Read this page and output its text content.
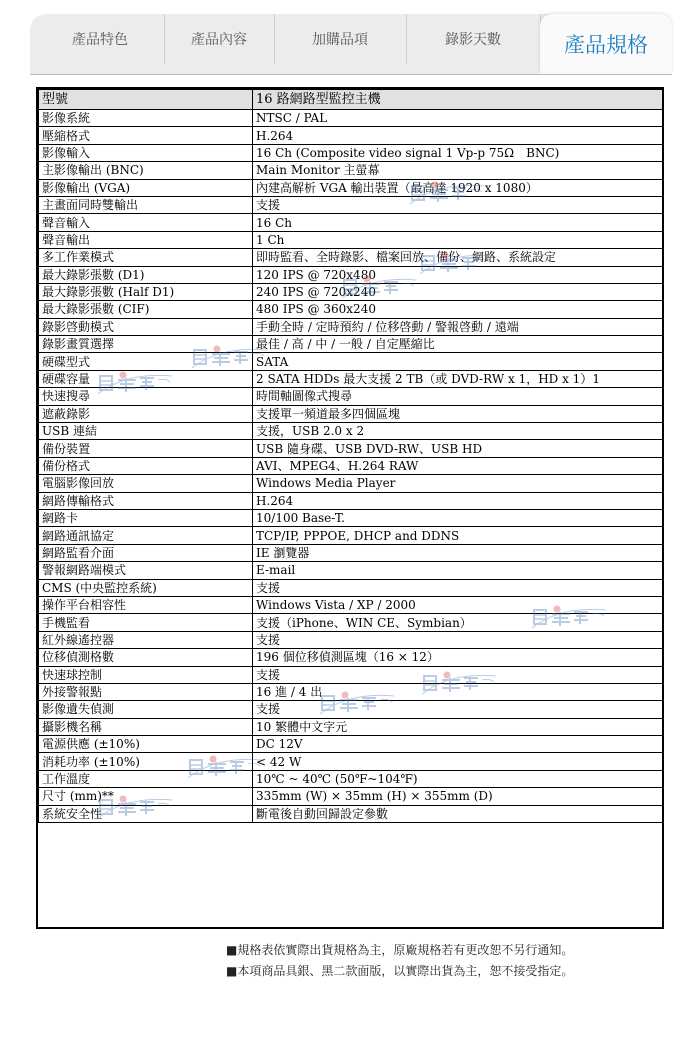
產品特色	產品內容	加購品項	錄影天數	產品規格
型號	16 路網路型監控主機
影像系統	NTSC / PAL
壓縮格式	H.264
影像輸入	16 Ch (Composite video signal 1 Vp-p 75Ω　BNC)
主影像輸出 (BNC)	Main Monitor 主螢幕
影像輸出 (VGA)	內建高解析 VGA 輸出裝置（最高達 1920 x 1080）
主畫面同時雙輸出	支援
聲音輸入	16 Ch
聲音輸出	1 Ch
多工作業模式	即時監看、全時錄影、檔案回放、備份、網路、系統設定
最大錄影張數 (D1)	120 IPS @ 720x480
最大錄影張數 (Half D1)	240 IPS @ 720x240
最大錄影張數 (CIF)	480 IPS @ 360x240
錄影啓動模式	手動全時 / 定時預約 / 位移啓動 / 警報啓動 / 遠端
錄影畫質選擇	最佳 / 高 / 中 / 一般 / 自定壓縮比
硬碟型式	SATA
硬碟容量	2 SATA HDDs 最大支援 2 TB（或 DVD-RW x 1，HD x 1）1
快速搜尋	時間軸圖像式搜尋
遮蔽錄影	支援單一頻道最多四個區塊
USB 連結	支援，USB 2.0 x 2
備份裝置	USB 隨身碟、USB DVD-RW、USB HD
備份格式	AVI、MPEG4、H.264 RAW
電腦影像回放	Windows Media Player
網路傳輸格式	H.264
網路卡	10/100 Base-T.
網路通訊協定	TCP/IP, PPPOE, DHCP and DDNS
網路監看介面	IE 瀏覽器
警報網路端模式	E-mail
CMS (中央監控系統)	支援
操作平台相容性	Windows Vista / XP / 2000
手機監看	支援（iPhone、WIN CE、Symbian）
紅外線遙控器	支援
位移偵測格數	196 個位移偵測區塊（16 × 12）
快速球控制	支援
外接警報點	16 進 / 4 出
影像遺失偵測	支援
攝影機名稱	10 繁體中文字元
電源供應 (±10%)	DC 12V
消耗功率 (±10%)	< 42 W
工作溫度	10℃ ~ 40℃ (50℉~104℉)
尺寸 (mm)**	335mm (W) × 35mm (H) × 355mm (D)
系統安全性	斷電後自動回歸設定參數
■規格表依實際出貨規格為主，原廠規格若有更改恕不另行通知。
■本項商品具銀、黑二款面版，以實際出貨為主，恕不接受指定。
